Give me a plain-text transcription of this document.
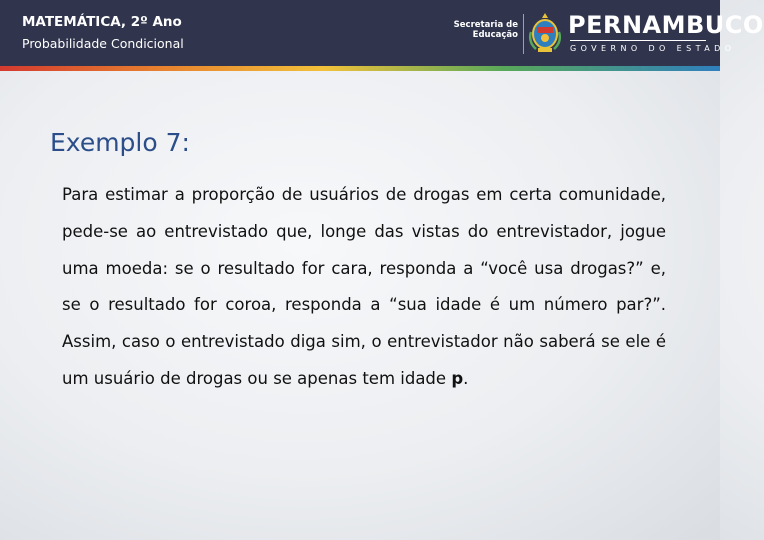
MATEMÁTICA, 2º Ano
Probabilidade Condicional
Secretaria de
Educação PERNAMBUCO
GOVERNO DO ESTADO
Exemplo 7:
Para estimar a proporção de usuários de drogas em certa comunidade, pede-se ao entrevistado que, longe das vistas do entrevistador, jogue uma moeda: se o resultado for cara, responda a “você usa drogas?” e, se o resultado for coroa, responda a “sua idade é um número par?”. Assim, caso o entrevistado diga sim, o entrevistador não saberá se ele é um usuário de drogas ou se apenas tem idade p.
